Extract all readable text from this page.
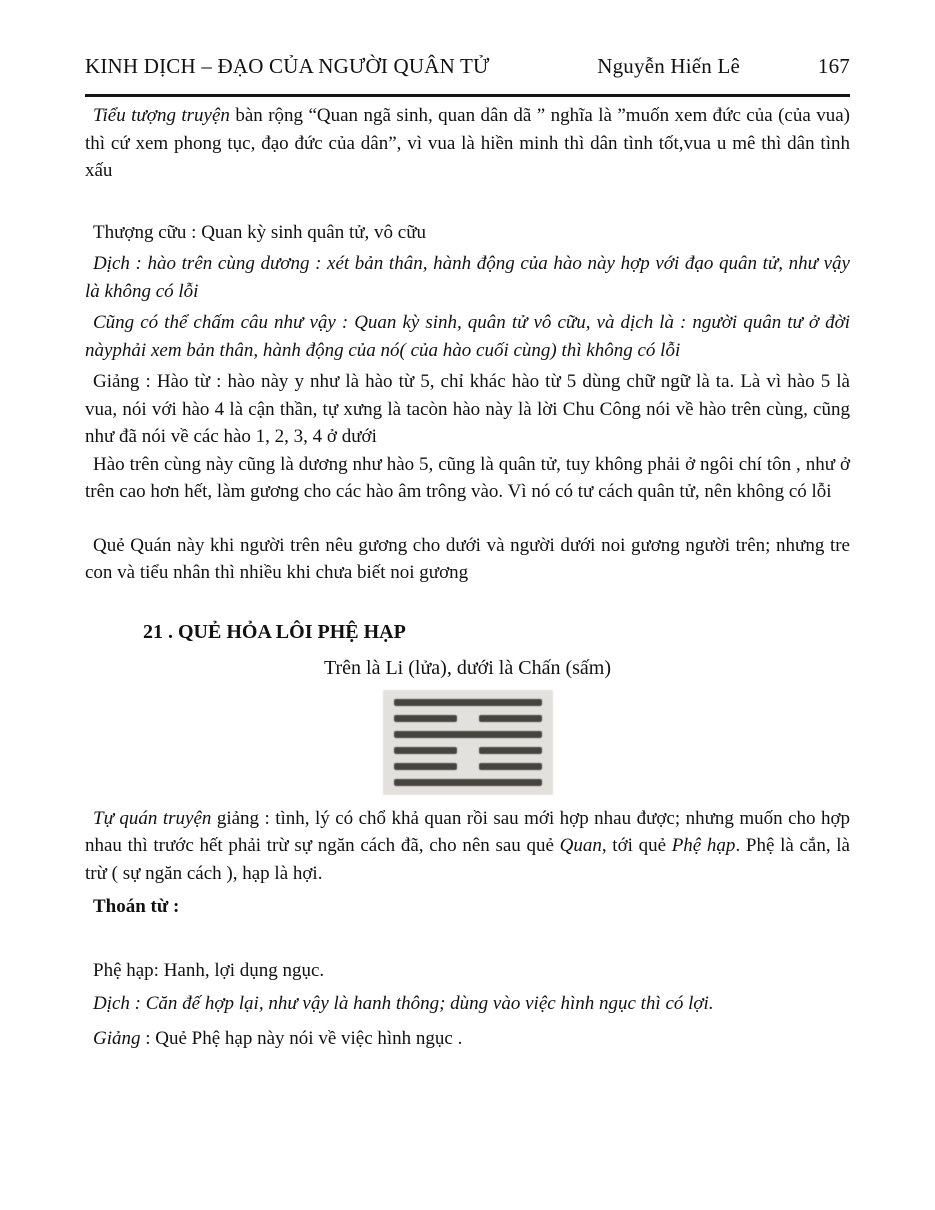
KINH DỊCH – ĐẠO CỦA NGƯỜI QUÂN TỬ	Nguyễn Hiến Lê	167

Tiểu tượng truyện bàn rộng “Quan ngã sinh, quan dân dã ” nghĩa là ”muốn xem đức của (của vua) thì cứ xem phong tục, đạo đức của dân”, vì vua là hiền minh thì dân tình tốt,vua u mê thì dân tình xấu

Thượng cữu : Quan kỳ sinh quân tử, vô cữu

Dịch : hào trên cùng dương : xét bản thân, hành động của hào này hợp với đạo quân tử, như vậy là không có lỗi

Cũng có thể chấm câu như vậy : Quan kỳ sinh, quân tử vô cữu, và dịch là : người quân tư ở đời nàyphải xem bản thân, hành động của nó( của hào cuối cùng) thì không có lỗi

Giảng : Hào từ : hào này y như là hào từ 5, chỉ khác hào từ 5 dùng chữ ngữ là ta. Là vì hào 5 là vua, nói với hào 4 là cận thần, tự xưng là tacòn hào này là lời Chu Công nói về hào trên cùng, cũng như đã nói về các hào 1, 2, 3, 4 ở dưới

Hào trên cùng này cũng là dương như hào 5, cũng là quân tử, tuy không phải ở ngôi chí tôn , như ở trên cao hơn hết, làm gương cho các hào âm trông vào. Vì nó có tư cách quân tử, nên không có lỗi

Quẻ Quán này khi người trên nêu gương cho dưới và người dưới noi gương người trên; nhưng tre con và tiểu nhân thì nhiều khi chưa biết noi gương

21 . QUẺ HỎA LÔI PHỆ HẠP

Trên là Li (lửa), dưới là Chấn (sấm)

Tự quán truyện giảng : tình, lý có chổ khả quan rồi sau mới hợp nhau được; nhưng muốn cho hợp nhau thì trước hết phải trừ sự ngăn cách đã, cho nên sau quẻ Quan, tới quẻ Phệ hạp. Phệ là cắn, là trừ ( sự ngăn cách ), hạp là hợi.

Thoán từ :

Phệ hạp: Hanh, lợi dụng ngục.

Dịch : Căn đế hợp lại, như vậy là hanh thông; dùng vào việc hình ngục thì có lợi.

Giảng : Quẻ Phệ hạp này nói về việc hình ngục .
